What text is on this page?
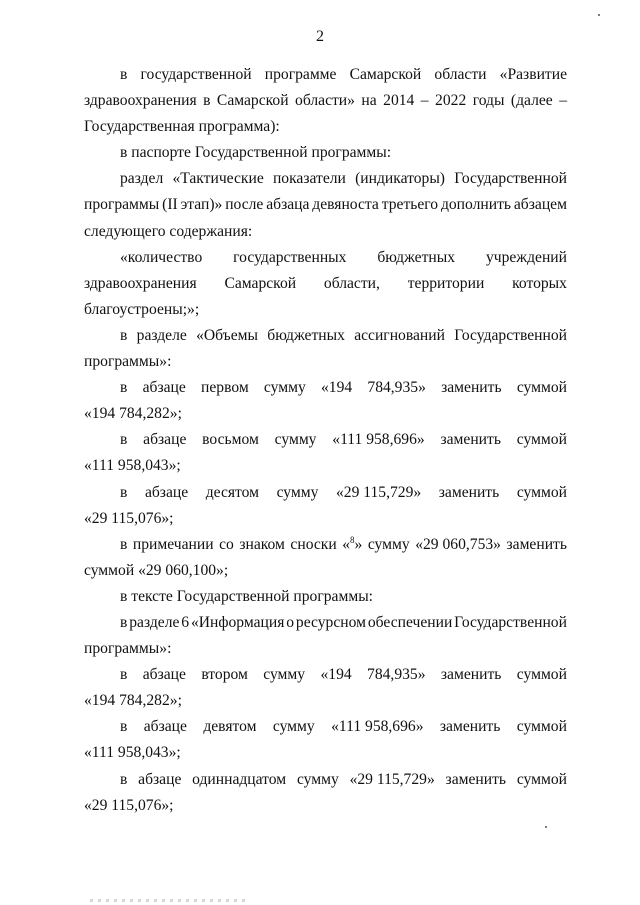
2
в государственной программе Самарской области «Развитие
здравоохранения в Самарской области» на 2014 – 2022 годы (далее –
Государственная программа):
в паспорте Государственной программы:
раздел «Тактические показатели (индикаторы) Государственной
программы (II этап)» после абзаца девяноста третьего дополнить абзацем
следующего содержания:
«количество государственных бюджетных учреждений
здравоохранения Самарской области, территории которых
благоустроены;»;
в разделе «Объемы бюджетных ассигнований Государственной
программы»:
в абзаце первом сумму «194 784,935» заменить суммой
«194 784,282»;
в абзаце восьмом сумму «111 958,696» заменить суммой
«111 958,043»;
в абзаце десятом сумму «29 115,729» заменить суммой
«29 115,076»;
в примечании со знаком сноски «$^8$» сумму «29 060,753» заменить
суммой «29 060,100»;
в тексте Государственной программы:
в разделе 6 «Информация о ресурсном обеспечении Государственной
программы»:
в абзаце втором сумму «194 784,935» заменить суммой
«194 784,282»;
в абзаце девятом сумму «111 958,696» заменить суммой
«111 958,043»;
в абзаце одиннадцатом сумму «29 115,729» заменить суммой
«29 115,076»;
